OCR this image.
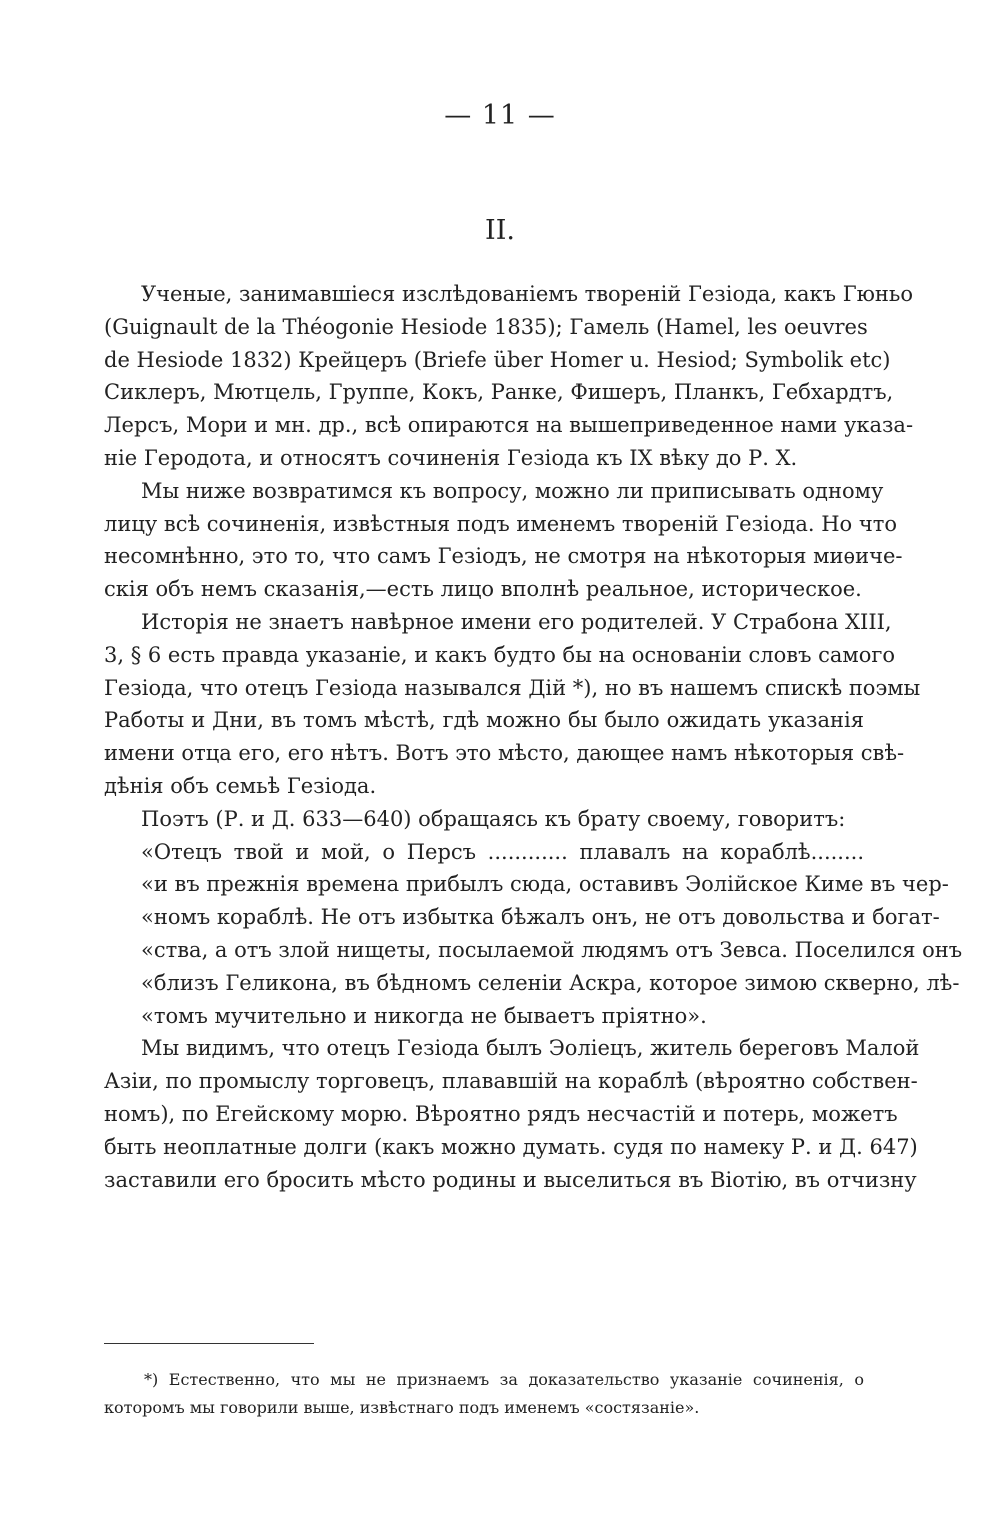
— 11 —
II.
Ученые, занимавшіеся изслѣдованіемъ твореній Гезіода, какъ Гюньо
(Guignault de la Théogonie Hesiode 1835); Гамель (Hamel, les oeuvres
de Hesiode 1832) Крейцеръ (Briefe über Homer u. Hesiod; Symbolik etc)
Сиклеръ, Мютцель, Группе, Кокъ, Ранке, Фишеръ, Планкъ, Гебхардтъ,
Лерсъ, Мори и мн. др., всѣ опираются на вышеприведенное нами указа-
ніе Геродота, и относятъ сочиненія Гезіода къ IX вѣку до Р. Х.
Мы ниже возвратимся къ вопросу, можно ли приписывать одному
лицу всѣ сочиненія, извѣстныя подъ именемъ твореній Гезіода. Но что
несомнѣнно, это то, что самъ Гезіодъ, не смотря на нѣкоторыя миѳиче-
скія объ немъ сказанія,—есть лицо вполнѣ реальное, историческое.
Исторія не знаетъ навѣрное имени его родителей. У Страбона XIII,
3, § 6 есть правда указаніе, и какъ будто бы на основаніи словъ самого
Гезіода, что отецъ Гезіода назывался Дій *), но въ нашемъ спискѣ поэмы
Работы и Дни, въ томъ мѣстѣ, гдѣ можно бы было ожидать указанія
имени отца его, его нѣтъ. Вотъ это мѣсто, дающее намъ нѣкоторыя свѣ-
дѣнія объ семьѣ Гезіода.
Поэтъ (Р. и Д. 633—640) обращаясь къ брату своему, говоритъ:
«Отецъ твой и мой, о Персъ ............ плавалъ на кораблѣ........
«и въ прежнія времена прибылъ сюда, оставивъ Эолійское Киме въ чер-
«номъ кораблѣ. Не отъ избытка бѣжалъ онъ, не отъ довольства и богат-
«ства, а отъ злой нищеты, посылаемой людямъ отъ Зевса. Поселился онъ
«близъ Геликона, въ бѣдномъ селеніи Аскра, которое зимою скверно, лѣ-
«томъ мучительно и никогда не бываетъ пріятно».
Мы видимъ, что отецъ Гезіода былъ Эоліецъ, житель береговъ Малой
Азіи, по промыслу торговецъ, плававшій на кораблѣ (вѣроятно собствен-
номъ), по Егейскому морю. Вѣроятно рядъ несчастій и потерь, можетъ
быть неоплатные долги (какъ можно думать. судя по намеку Р. и Д. 647)
заставили его бросить мѣсто родины и выселиться въ Віотію, въ отчизну
*) Естественно, что мы не признаемъ за доказательство указаніе сочиненія, о
которомъ мы говорили выше, извѣстнаго подъ именемъ «состязаніе».
